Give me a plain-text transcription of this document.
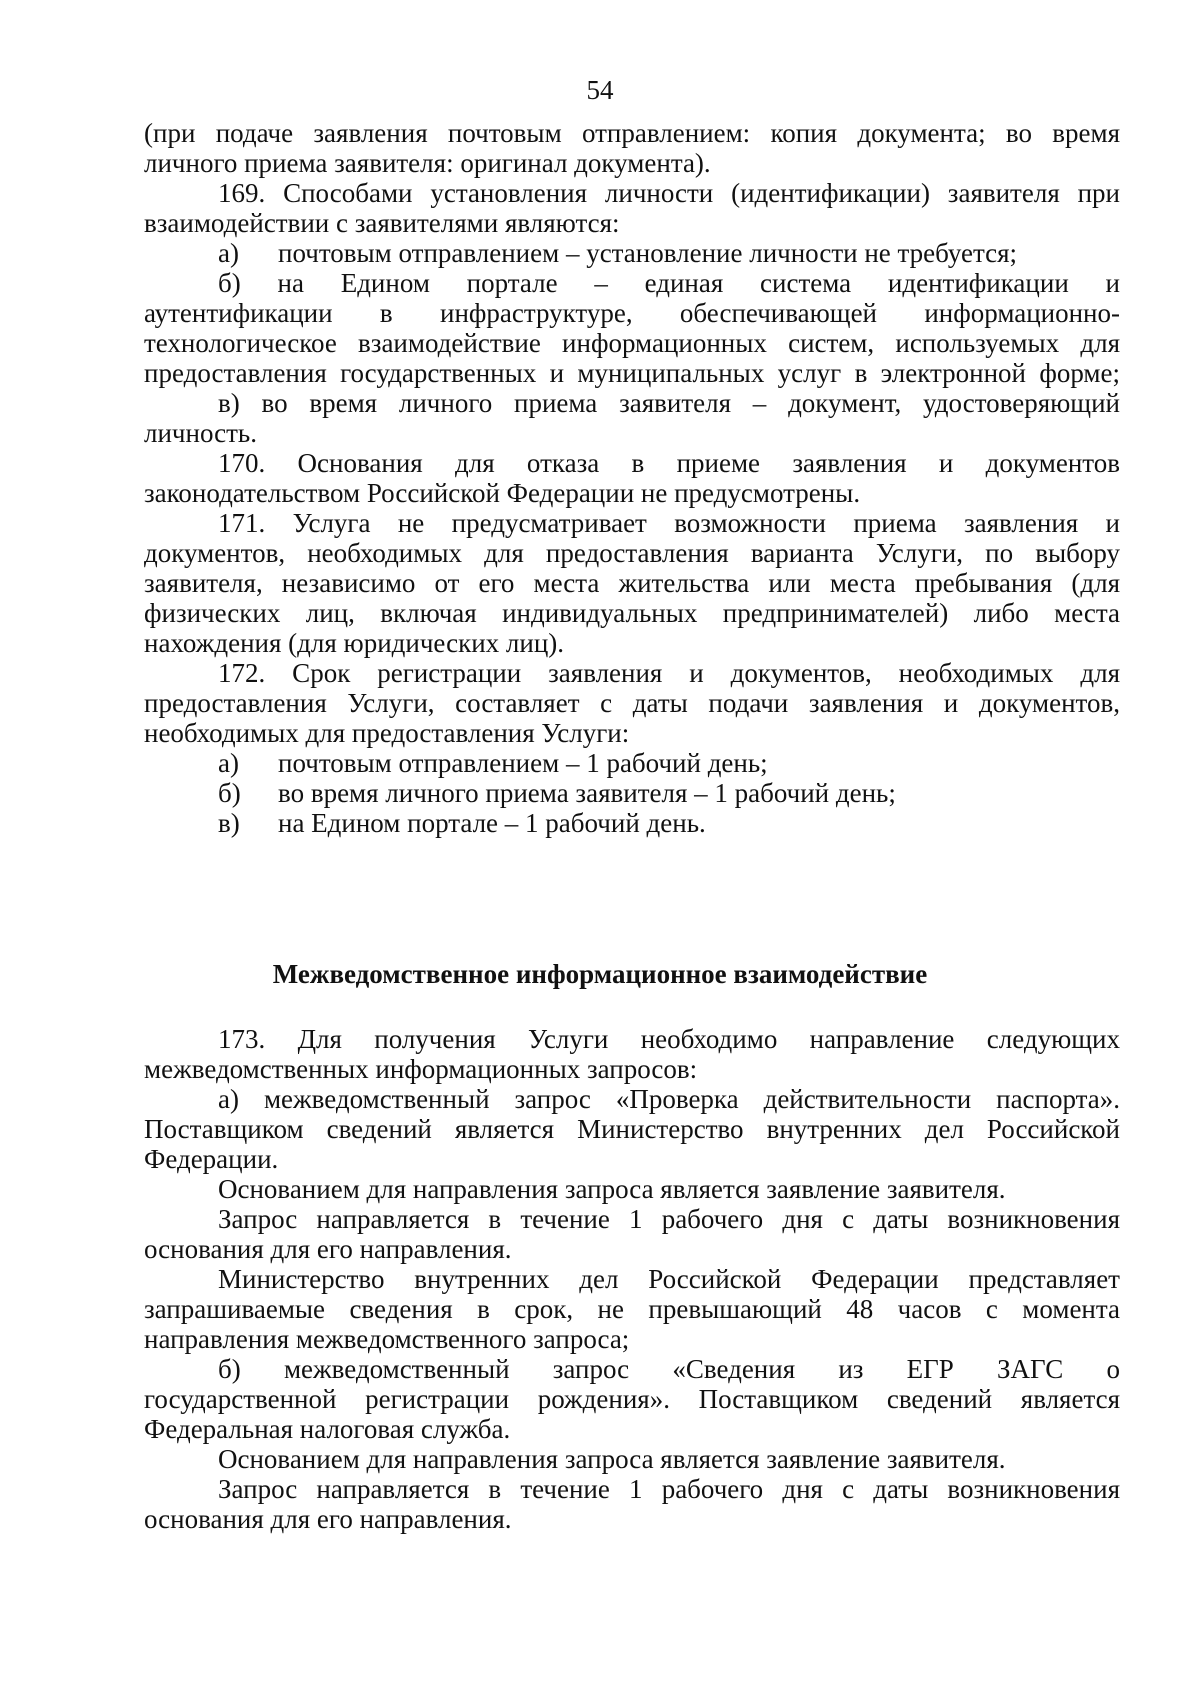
54
(при подаче заявления почтовым отправлением: копия документа; во время
личного приема заявителя: оригинал документа).
169. Способами установления личности (идентификации) заявителя при
взаимодействии с заявителями являются:
а) почтовым отправлением – установление личности не требуется;
б) на Едином портале – единая система идентификации и
аутентификации в инфраструктуре, обеспечивающей информационно-
технологическое взаимодействие информационных систем, используемых для
предоставления государственных и муниципальных услуг в электронной форме;
в) во время личного приема заявителя – документ, удостоверяющий
личность.
170. Основания для отказа в приеме заявления и документов
законодательством Российской Федерации не предусмотрены.
171. Услуга не предусматривает возможности приема заявления и
документов, необходимых для предоставления варианта Услуги, по выбору
заявителя, независимо от его места жительства или места пребывания (для
физических лиц, включая индивидуальных предпринимателей) либо места
нахождения (для юридических лиц).
172. Срок регистрации заявления и документов, необходимых для
предоставления Услуги, составляет с даты подачи заявления и документов,
необходимых для предоставления Услуги:
а) почтовым отправлением – 1 рабочий день;
б) во время личного приема заявителя – 1 рабочий день;
в) на Едином портале – 1 рабочий день.
Межведомственное информационное взаимодействие
173. Для получения Услуги необходимо направление следующих
межведомственных информационных запросов:
а) межведомственный запрос «Проверка действительности паспорта».
Поставщиком сведений является Министерство внутренних дел Российской
Федерации.
Основанием для направления запроса является заявление заявителя.
Запрос направляется в течение 1 рабочего дня с даты возникновения
основания для его направления.
Министерство внутренних дел Российской Федерации представляет
запрашиваемые сведения в срок, не превышающий 48 часов с момента
направления межведомственного запроса;
б) межведомственный запрос «Сведения из ЕГР ЗАГС о
государственной регистрации рождения». Поставщиком сведений является
Федеральная налоговая служба.
Основанием для направления запроса является заявление заявителя.
Запрос направляется в течение 1 рабочего дня с даты возникновения
основания для его направления.
